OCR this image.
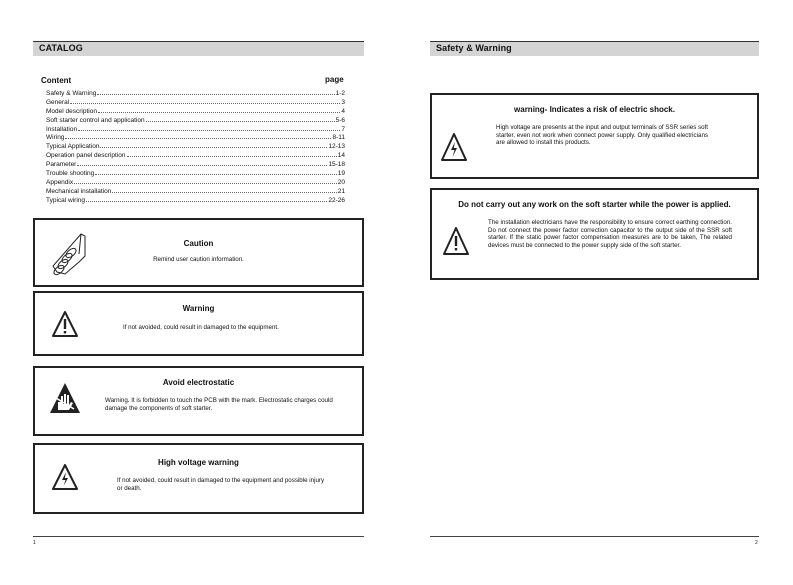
CATALOG
Content	page
Safety & Warning	1-2
General	3
Model description	4
Soft starter control and application	5-6
Installation	7
Wiring	8-11
Typical Application	12-13
Operation panel description	14
Parameter	15-18
Trouble shooting	19
Appendix	20
Mechanical installation	21
Typical wiring	22-26
Caution
Remind user caution information.
Warning
If not avoided, could result in damaged to the equipment.
Avoid electrostatic
Warning. It is forbidden to touch the PCB with the mark. Electrostatic charges could damage the components of soft starter.
High voltage warning
If not avoided, could result in damaged to the equipment and possible injury or death.
1
Safety & Warning
warning- Indicates a risk of electric shock.
High voltage are presents at the input and output terminals of SSR series soft starter, even not work when connect power supply. Only qualified electricians are allowed to install this products.
Do not carry out any work on the soft starter while the power is applied.
The installation electricians have the responsibility to ensure correct earthing connection. Do not connect the power factor correction capacitor to the output side of the SSR soft starter. If the static power factor compensation measures are to be taken, The related devices must be connected to the power supply side of the soft starter.
2
